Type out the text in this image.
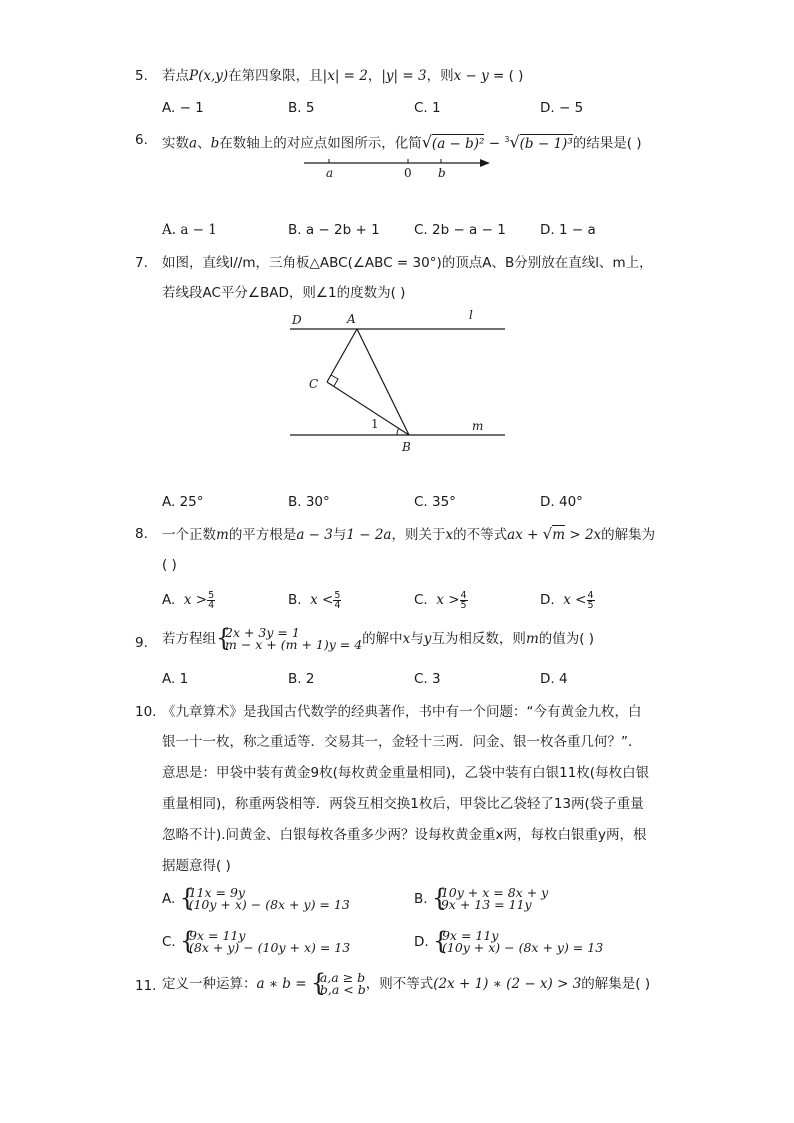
5.	若点P(x,y)在第四象限，且|x| = 2，|y| = 3，则x − y = ( )
A. − 1	B. 5	C. 1	D. − 5
6.	实数a、b在数轴上的对应点如图所示，化简√(a − b)² − $^3$√(b − 1)³的结果是( )
a	0 b
A. a − 1	B. a − 2b + 1	C. 2b − a − 1	D. 1 − a
7.	如图，直线l//m，三角板△ABC(∠ABC = 30°)的顶点A、B分别放在直线l、m上，
若线段AC平分∠BAD，则∠1的度数为( )
D	A	l
C
1
B
m
A. 25°	B. 30°	C. 35°	D. 40°
8.	一个正数m的平方根是a − 3与1 − 2a，则关于x的不等式ax + √m > 2x的解集为
( )
A. $x > \frac{5}{4}$	B. $x < \frac{5}{4}$	C. $x > \frac{4}{5}$	D. $x < \frac{4}{5}$
9.	若方程组 {
2x + 3y = 1
m − x + (m + 1)y = 4 的解中x与y互为相反数，则m的值为( )
A. 1	B. 2	C. 3	D. 4
10. 《九章算术》是我国古代数学的经典著作，书中有一个问题：“今有黄金九枚，白
银一十一枚，称之重适等．交易其一，金轻十三两．问金、银一枚各重几何？”．
意思是：甲袋中装有黄金9枚(每枚黄金重量相同)，乙袋中装有白银11枚(每枚白银
重量相同)，称重两袋相等．两袋互相交换1枚后，甲袋比乙袋轻了13两(袋子重量
忽略不计).问黄金、白银每枚各重多少两？设每枚黄金重x两，每枚白银重y两，根
据题意得( )
A. {
11x = 9y
(10y + x) − (8x + y) = 13	B. {
10y + x = 8x + y
9x + 13 = 11y
C. {
9x = 11y
(8x + y) − (10y + x) = 13	D. {
9x = 11y
(10y + x) − (8x + y) = 13
11. 定义一种运算：a ∗ b = {
a,a ≥ b
b,a < b ，则不等式(2x + 1) ∗ (2 − x) > 3的解集是( )
